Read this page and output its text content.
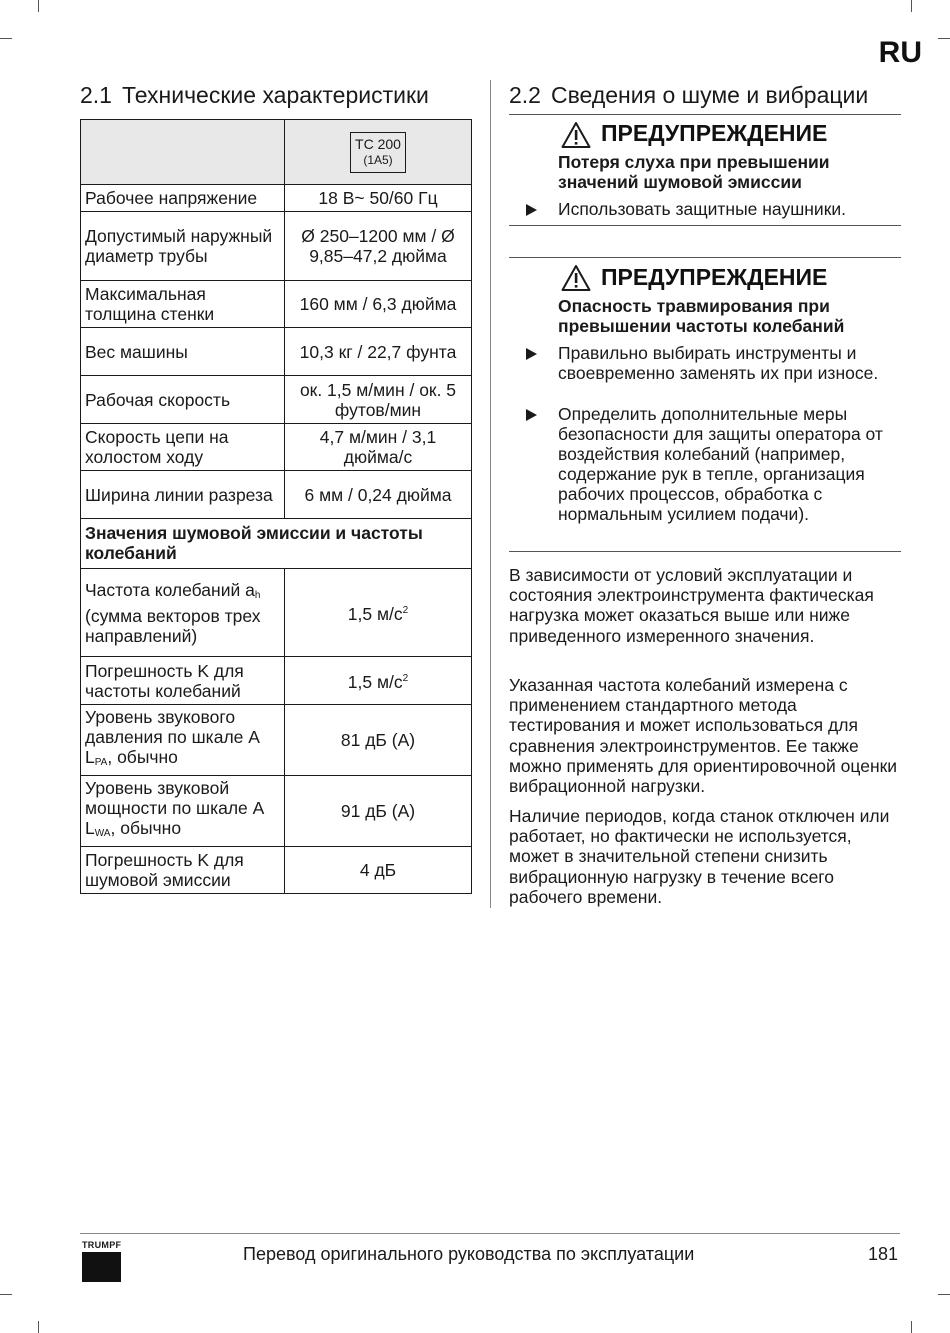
RU
2.1 Технические характеристики
	TC 200
(1A5)

Рабочее напряжение	18 В~ 50/60 Гц
Допустимый наружный диаметр трубы	Ø 250–1200 мм / Ø 9,85–47,2 дюйма
Максимальная толщина стенки	160 мм / 6,3 дюйма
Вес машины	10,3 кг / 22,7 фунта
Рабочая скорость	ок. 1,5 м/мин / ок. 5 футов/мин
Скорость цепи на холостом ходу	4,7 м/мин / 3,1 дюйма/с
Ширина линии разреза	6 мм / 0,24 дюйма
Значения шумовой эмиссии и частоты колебаний	
Частота колебаний $a_h$ (сумма векторов трех направлений)	1,5 $м/с^2$
Погрешность K для частоты колебаний	1,5 $м/с^2$
Уровень звукового давления по шкале A $L_{PA}$, обычно	81 дБ (A)
Уровень звуковой мощности по шкале A $L_{WA}$, обычно	91 дБ (A)
Погрешность K для шумовой эмиссии	4 дБ
2.2 Сведения о шуме и вибрации
ПРЕДУПРЕЖДЕНИЕ
Потеря слуха при превышении значений шумовой эмиссии
Использовать защитные наушники.
ПРЕДУПРЕЖДЕНИЕ
Опасность травмирования при превышении частоты колебаний
Правильно выбирать инструменты и своевременно заменять их при износе.
Определить дополнительные меры безопасности для защиты оператора от воздействия колебаний (например, содержание рук в тепле, организация рабочих процессов, обработка с нормальным усилием подачи).
В зависимости от условий эксплуатации и состояния электроинструмента фактическая нагрузка может оказаться выше или ниже приведенного измеренного значения.
Указанная частота колебаний измерена с применением стандартного метода тестирования и может использоваться для сравнения электроинструментов. Ее также можно применять для ориентировочной оценки вибрационной нагрузки.
Наличие периодов, когда станок отключен или работает, но фактически не используется, может в значительной степени снизить вибрационную нагрузку в течение всего рабочего времени.
TRUMPF	Перевод оригинального руководства по эксплуатации	181
